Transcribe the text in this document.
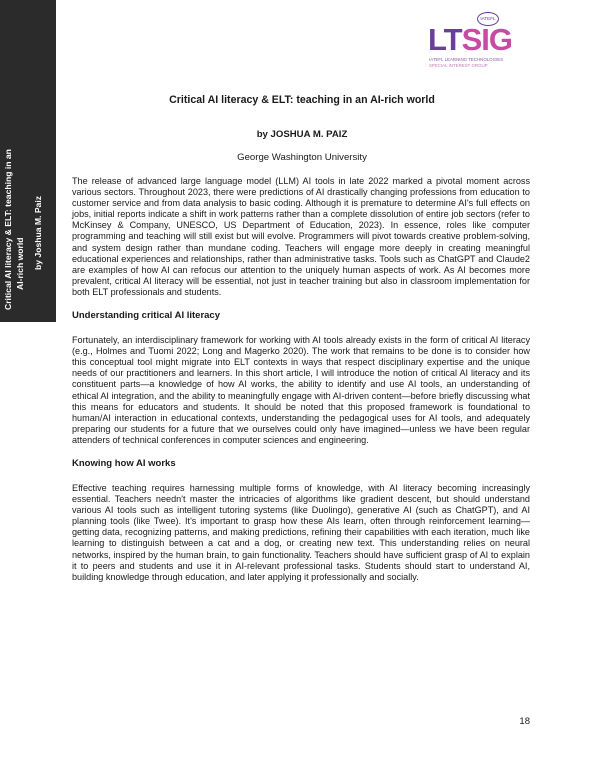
Critical AI literacy & ELT: teaching in an AI-rich world by Joshua M. Paiz
IATEFL
LTSIG
IATEFL LEARNING TECHNOLOGIES
SPECIAL INTEREST GROUP
Critical AI literacy & ELT: teaching in an AI-rich world
by JOSHUA M. PAIZ
George Washington University

The release of advanced large language model (LLM) AI tools in late 2022 marked a pivotal moment across various sectors. Throughout 2023, there were predictions of AI drastically changing professions from education to customer service and from data analysis to basic coding. Although it is premature to determine AI's full effects on jobs, initial reports indicate a shift in work patterns rather than a complete dissolution of entire job sectors (refer to McKinsey & Company, UNESCO, US Department of Education, 2023). In essence, roles like computer programming and teaching will still exist but will evolve. Programmers will pivot towards creative problem-solving, and system design rather than mundane coding. Teachers will engage more deeply in creating meaningful educational experiences and relationships, rather than administrative tasks. Tools such as ChatGPT and Claude2 are examples of how AI can refocus our attention to the uniquely human aspects of work. As AI becomes more prevalent, critical AI literacy will be essential, not just in teacher training but also in classroom implementation for both ELT professionals and students.

Understanding critical AI literacy

Fortunately, an interdisciplinary framework for working with AI tools already exists in the form of critical AI literacy (e.g., Holmes and Tuomi 2022; Long and Magerko 2020). The work that remains to be done is to consider how this conceptual tool might migrate into ELT contexts in ways that respect disciplinary expertise and the unique needs of our practitioners and learners. In this short article, I will introduce the notion of critical AI literacy and its constituent parts—a knowledge of how AI works, the ability to identify and use AI tools, an understanding of ethical AI integration, and the ability to meaningfully engage with AI-driven content—before briefly discussing what this means for educators and students. It should be noted that this proposed framework is foundational to human/AI interaction in educational contexts, understanding the pedagogical uses for AI tools, and adequately preparing our students for a future that we ourselves could only have imagined—unless we have been regular attenders of technical conferences in computer sciences and engineering.

Knowing how AI works

Effective teaching requires harnessing multiple forms of knowledge, with AI literacy becoming increasingly essential. Teachers needn't master the intricacies of algorithms like gradient descent, but should understand various AI tools such as intelligent tutoring systems (like Duolingo), generative AI (such as ChatGPT), and AI planning tools (like Twee). It's important to grasp how these AIs learn, often through reinforcement learning—getting data, recognizing patterns, and making predictions, refining their capabilities with each iteration, much like learning to distinguish between a cat and a dog, or creating new text. This understanding relies on neural networks, inspired by the human brain, to gain functionality. Teachers should have sufficient grasp of AI to explain it to peers and students and use it in AI-relevant professional tasks. Students should start to understand AI, building knowledge through education, and later applying it professionally and socially.

18
